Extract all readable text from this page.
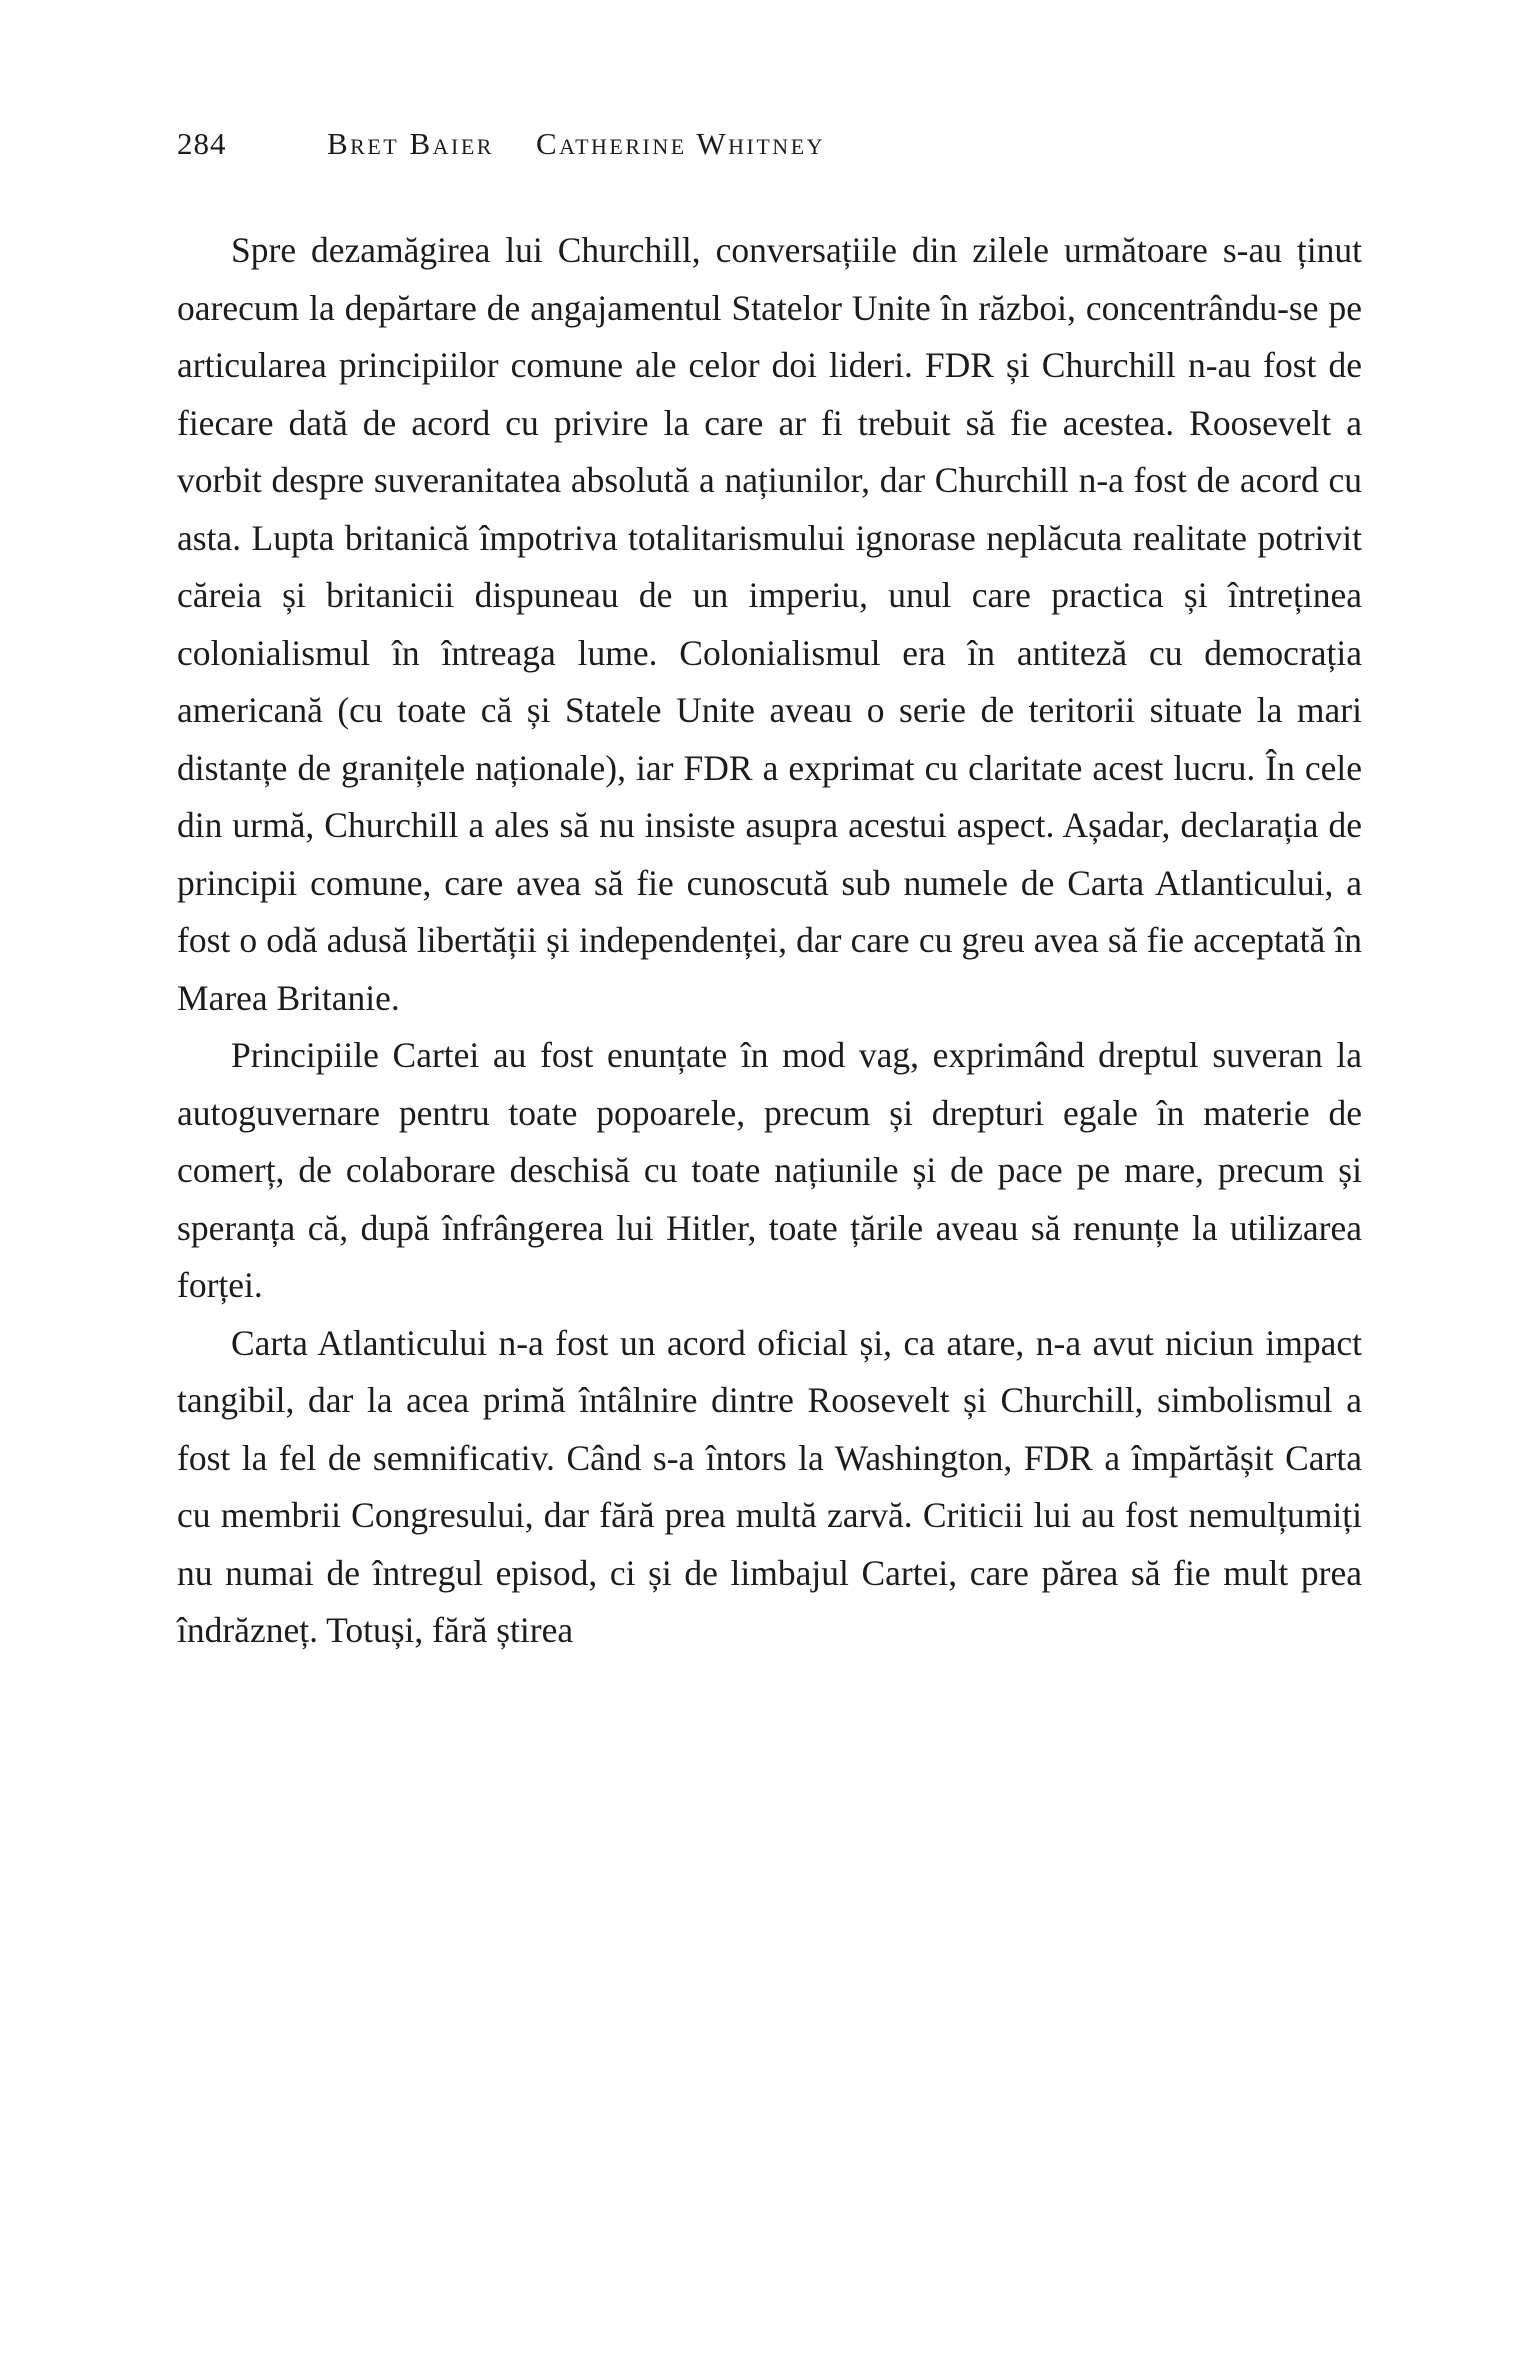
284	Bret Baier Catherine Whitney

Spre dezamăgirea lui Churchill, conversațiile din zilele următoare s-au ținut oarecum la depărtare de angajamentul Statelor Unite în război, concentrându-se pe articularea principiilor comune ale celor doi lideri. FDR și Churchill n-au fost de fiecare dată de acord cu privire la care ar fi trebuit să fie acestea. Roosevelt a vorbit despre suveranitatea absolută a națiunilor, dar Churchill n-a fost de acord cu asta. Lupta britanică împotriva totalitarismului ignorase neplăcuta realitate potrivit căreia și britanicii dispuneau de un imperiu, unul care practica și întreținea colonialismul în întreaga lume. Colonialismul era în antiteză cu democrația americană (cu toate că și Statele Unite aveau o serie de teritorii situate la mari distanțe de granițele naționale), iar FDR a exprimat cu claritate acest lucru. În cele din urmă, Churchill a ales să nu insiste asupra acestui aspect. Așadar, declarația de principii comune, care avea să fie cunoscută sub numele de Carta Atlanticului, a fost o odă adusă libertății și independenței, dar care cu greu avea să fie acceptată în Marea Britanie.

Principiile Cartei au fost enunțate în mod vag, exprimând dreptul suveran la autoguvernare pentru toate popoarele, precum și drepturi egale în materie de comerț, de colaborare deschisă cu toate națiunile și de pace pe mare, precum și speranța că, după înfrângerea lui Hitler, toate țările aveau să renunțe la utilizarea forței.

Carta Atlanticului n-a fost un acord oficial și, ca atare, n-a avut niciun impact tangibil, dar la acea primă întâlnire dintre Roosevelt și Churchill, simbolismul a fost la fel de semnificativ. Când s-a întors la Washington, FDR a împărtășit Carta cu membrii Congresului, dar fără prea multă zarvă. Criticii lui au fost nemulțumiți nu numai de întregul episod, ci și de limbajul Cartei, care părea să fie mult prea îndrăzneț. Totuși, fără știrea
